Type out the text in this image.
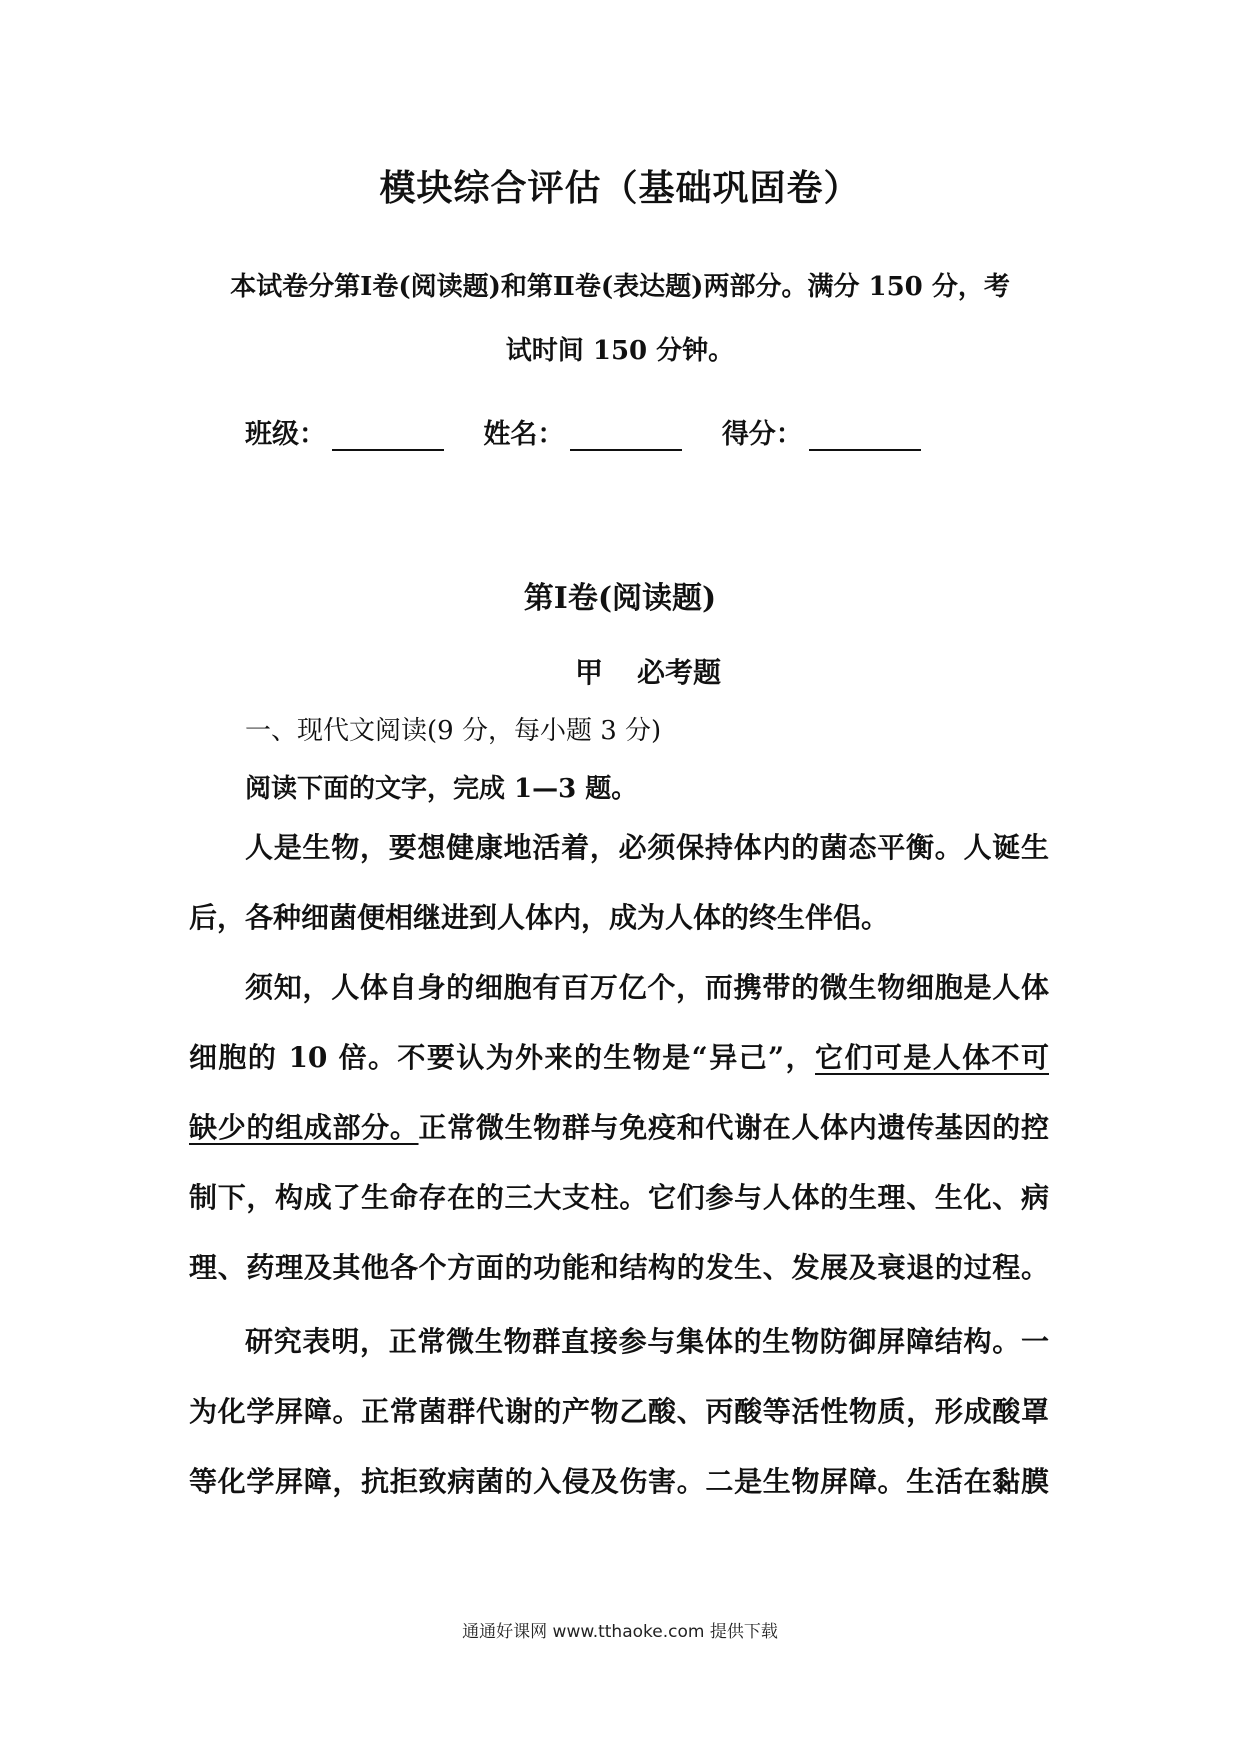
模块综合评估（基础巩固卷）
本试卷分第Ⅰ卷(阅读题)和第Ⅱ卷(表达题)两部分。满分 150 分，考
试时间 150 分钟。
班级：	姓名：	得分：
第Ⅰ卷(阅读题)
甲 必考题
一、现代文阅读(9 分，每小题 3 分)
阅读下面的文字，完成 1—3 题。
人是生物，要想健康地活着，必须保持体内的菌态平衡。人诞生
后，各种细菌便相继进到人体内，成为人体的终生伴侣。
须知，人体自身的细胞有百万亿个，而携带的微生物细胞是人体
细胞的 10 倍。不要认为外来的生物是“异己”，它们可是人体不可
缺少的组成部分。正常微生物群与免疫和代谢在人体内遗传基因的控
制下，构成了生命存在的三大支柱。它们参与人体的生理、生化、病
理、药理及其他各个方面的功能和结构的发生、发展及衰退的过程。
研究表明，正常微生物群直接参与集体的生物防御屏障结构。一
为化学屏障。正常菌群代谢的产物乙酸、丙酸等活性物质，形成酸罩
等化学屏障，抗拒致病菌的入侵及伤害。二是生物屏障。生活在黏膜
通通好课网 www.tthaoke.com 提供下载
